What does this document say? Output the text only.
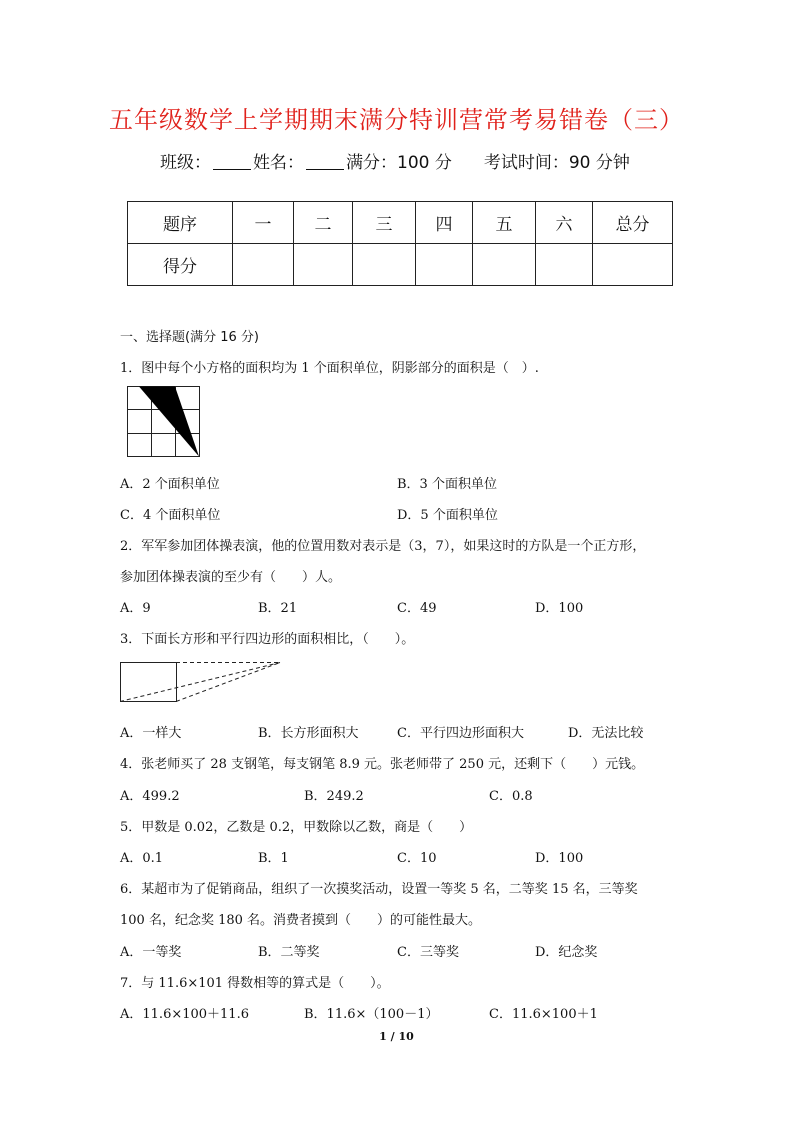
五年级数学上学期期末满分特训营常考易错卷（三）
班级： 姓名： 满分：100 分 考试时间：90 分钟
题序	一	二	三	四	五	六	总分
得分							
一、选择题(满分 16 分)
1．图中每个小方格的面积均为 1 个面积单位，阴影部分的面积是（　）.
A．2 个面积单位	B．3 个面积单位
C．4 个面积单位	D．5 个面积单位
2．军军参加团体操表演，他的位置用数对表示是（3，7），如果这时的方队是一个正方形，
参加团体操表演的至少有（　　）人。
A．9	B．21	C．49	D．100
3．下面长方形和平行四边形的面积相比，（　　）。
A．一样大	B．长方形面积大	C．平行四边形面积大	D．无法比较
4．张老师买了 28 支钢笔，每支钢笔 8.9 元。张老师带了 250 元，还剩下（　　）元钱。
A．499.2	B．249.2	C．0.8
5．甲数是 0.02，乙数是 0.2，甲数除以乙数，商是（　　）
A．0.1	B．1	C．10	D．100
6．某超市为了促销商品，组织了一次摸奖活动，设置一等奖 5 名，二等奖 15 名，三等奖
100 名，纪念奖 180 名。消费者摸到（　　）的可能性最大。
A．一等奖	B．二等奖	C．三等奖	D．纪念奖
7．与 11.6×101 得数相等的算式是（　　）。
A．11.6×100＋11.6	B．11.6×（100－1）	C．11.6×100＋1
1 / 10
